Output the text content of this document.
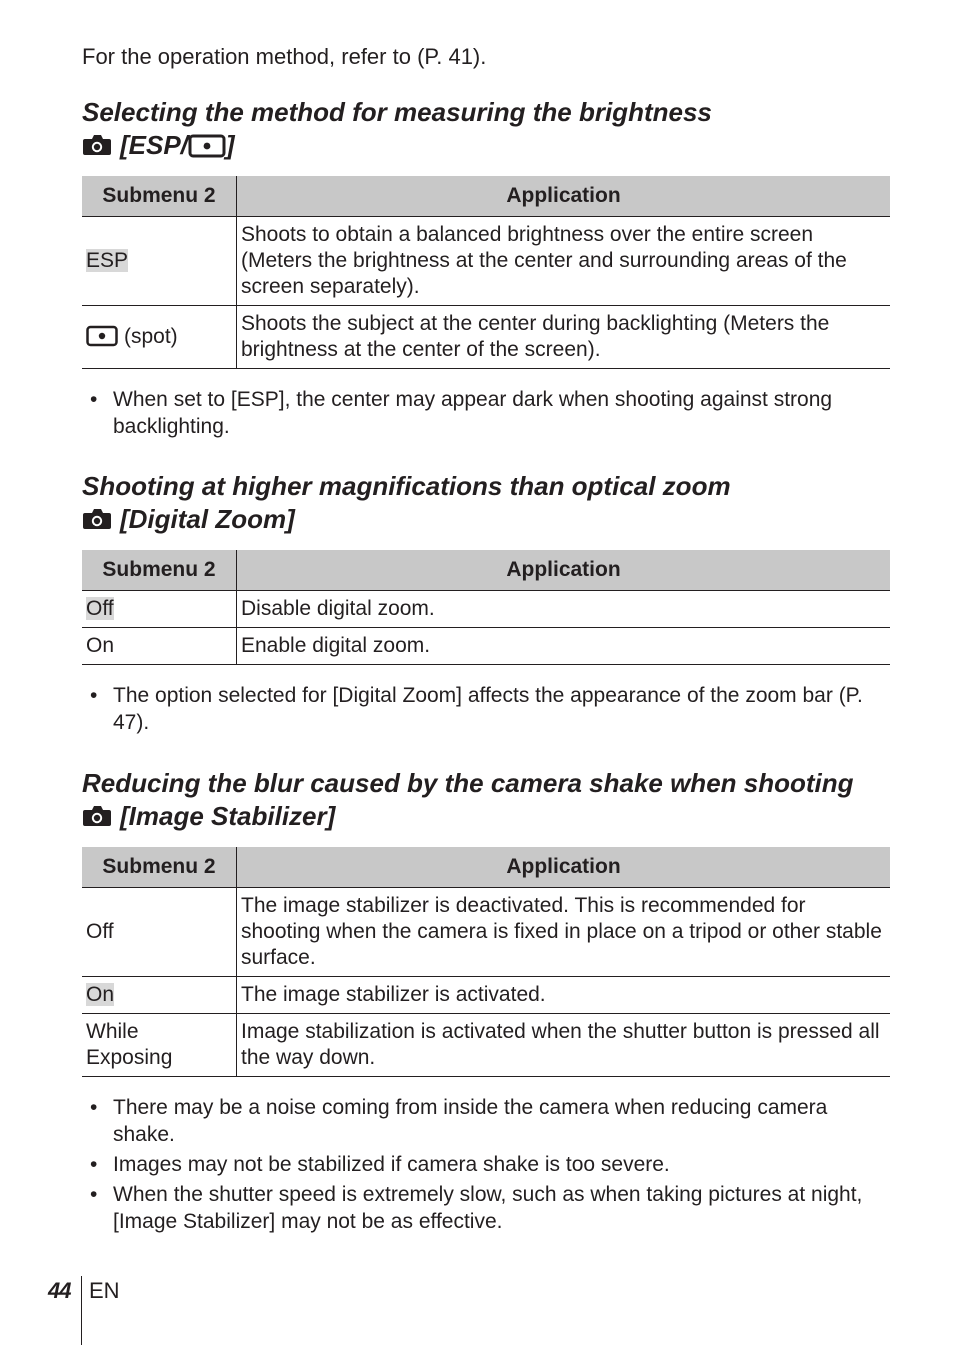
For the operation method, refer to (P. 41).
Selecting the method for measuring the brightness
[ESP/ ]
Submenu 2	Application
ESP	Shoots to obtain a balanced brightness over the entire screen (Meters the brightness at the center and surrounding areas of the screen separately).
(spot)	Shoots the subject at the center during backlighting (Meters the brightness at the center of the screen).
• When set to [ESP], the center may appear dark when shooting against strong backlighting.
Shooting at higher magnifications than optical zoom
[Digital Zoom]
Submenu 2	Application
Off	Disable digital zoom.
On	Enable digital zoom.
• The option selected for [Digital Zoom] affects the appearance of the zoom bar (P. 47).
Reducing the blur caused by the camera shake when shooting
[Image Stabilizer]
Submenu 2	Application
Off	The image stabilizer is deactivated. This is recommended for shooting when the camera is fixed in place on a tripod or other stable surface.
On	The image stabilizer is activated.
While Exposing	Image stabilization is activated when the shutter button is pressed all the way down.
• There may be a noise coming from inside the camera when reducing camera shake.
• Images may not be stabilized if camera shake is too severe.
• When the shutter speed is extremely slow, such as when taking pictures at night, [Image Stabilizer] may not be as effective.
44 EN
